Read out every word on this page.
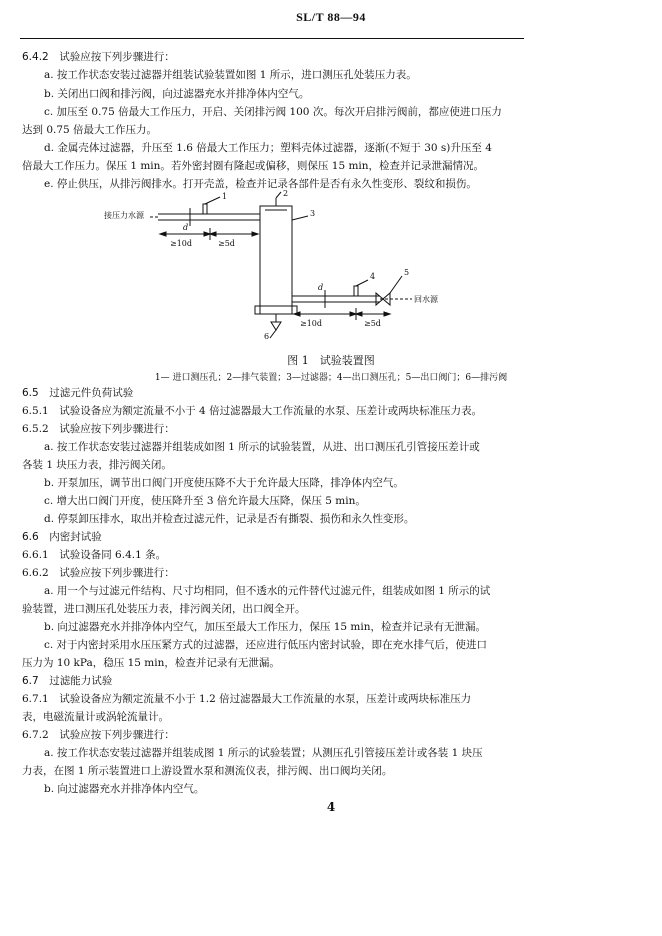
SL/T 88—94
6.4.2　试验应按下列步骤进行：
a. 按工作状态安装过滤器并组装试验装置如图 1 所示，进口测压孔处装压力表。
b. 关闭出口阀和排污阀，向过滤器充水并排净体内空气。
c. 加压至 0.75 倍最大工作压力，开启、关闭排污阀 100 次。每次开启排污阀前，都应使进口压力
达到 0.75 倍最大工作压力。
d. 金属壳体过滤器，升压至 1.6 倍最大工作压力；塑料壳体过滤器，逐渐(不短于 30 s)升压至 4
倍最大工作压力。保压 1 min。若外密封圈有隆起或偏移，则保压 15 min，检查并记录泄漏情况。
e. 停止供压，从排污阀排水。打开壳盖，检查并记录各部件是否有永久性变形、裂纹和损伤。
接压力水源
回水源
≥10d	≥5d
≥10d	≥5d
d
d
1	2
3
4	5
6
图 1　试验装置图
1— 进口测压孔；2—排气装置；3—过滤器；4—出口测压孔；5—出口阀门；6—排污阀
6.5　过滤元件负荷试验
6.5.1　试验设备应为额定流量不小于 4 倍过滤器最大工作流量的水泵、压差计或两块标准压力表。
6.5.2　试验应按下列步骤进行：
a. 按工作状态安装过滤器并组装成如图 1 所示的试验装置，从进、出口测压孔引管接压差计或
各装 1 块压力表，排污阀关闭。
b. 开泵加压，调节出口阀门开度使压降不大于允许最大压降，排净体内空气。
c. 增大出口阀门开度，使压降升至 3 倍允许最大压降，保压 5 min。
d. 停泵卸压排水，取出并检查过滤元件，记录是否有撕裂、损伤和永久性变形。
6.6　内密封试验
6.6.1　试验设备同 6.4.1 条。
6.6.2　试验应按下列步骤进行：
a. 用一个与过滤元件结构、尺寸均相同，但不透水的元件替代过滤元件，组装成如图 1 所示的试
验装置，进口测压孔处装压力表，排污阀关闭，出口阀全开。
b. 向过滤器充水并排净体内空气，加压至最大工作压力，保压 15 min，检查并记录有无泄漏。
c. 对于内密封采用水压压紧方式的过滤器，还应进行低压内密封试验，即在充水排气后，使进口
压力为 10 kPa，稳压 15 min，检查并记录有无泄漏。
6.7　过滤能力试验
6.7.1　试验设备应为额定流量不小于 1.2 倍过滤器最大工作流量的水泵，压差计或两块标准压力
表，电磁流量计或涡轮流量计。
6.7.2　试验应按下列步骤进行：
a. 按工作状态安装过滤器并组装成图 1 所示的试验装置；从测压孔引管接压差计或各装 1 块压
力表，在图 1 所示装置进口上游设置水泵和测流仪表，排污阀、出口阀均关闭。
b. 向过滤器充水并排净体内空气。
4
